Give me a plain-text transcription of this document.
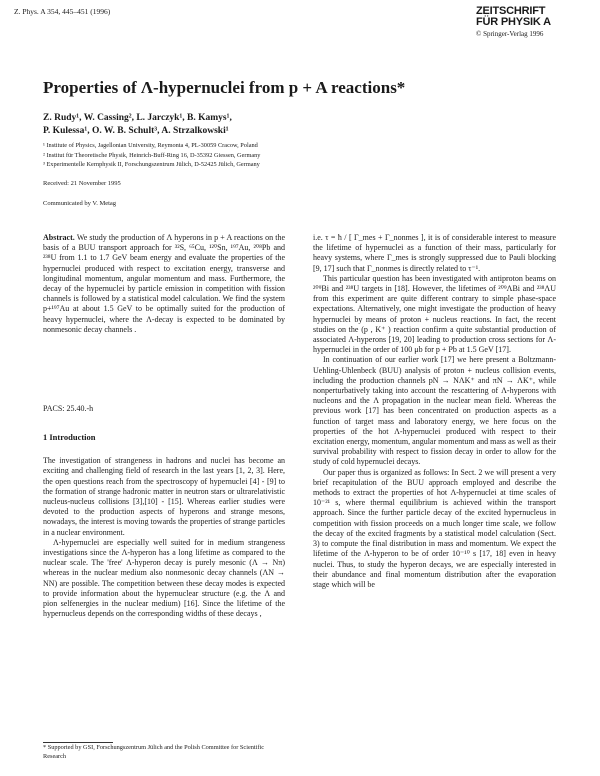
Z. Phys. A 354, 445–451 (1996)	ZEITSCHRIFT
FÜR PHYSIK A
© Springer-Verlag 1996
Properties of Λ-hypernuclei from p + A reactions*
Z. Rudy¹, W. Cassing², L. Jarczyk¹, B. Kamys¹,
P. Kulessa¹, O. W. B. Schult³, A. Strzalkowski¹
¹ Institute of Physics, Jagellonian University, Reymonta 4, PL-30059 Cracow, Poland
² Institut für Theoretische Physik, Heinrich-Buff-Ring 16, D-35392 Giessen, Germany
³ Experimentelle Kernphysik II, Forschungszentrum Jülich, D-52425 Jülich, Germany
Received: 21 November 1995
Communicated by V. Metag

Abstract. We study the production of Λ hyperons in p + A reactions on the basis of a BUU transport approach for ³²S, ⁶⁵Cu, ¹²⁰Sn, ¹⁹⁷Au, ²⁰⁸Pb and ²³⁸U from 1.1 to 1.7 GeV beam energy and evaluate the properties of the hypernuclei produced with respect to excitation energy, transverse and longitudinal momentum, angular momentum and mass. Furthermore, the decay of the hypernuclei by particle emission in competition with fission channels is followed by a statistical model calculation. We find the system p+¹⁹⁷Au at about 1.5 GeV to be optimally suited for the production of heavy hypernuclei, where the Λ-decay is expected to be dominated by nonmesonic decay channels .

PACS: 25.40.-h
1 Introduction

The investigation of strangeness in hadrons and nuclei has become an exciting and challenging field of research in the last years [1, 2, 3]. Here, the open questions reach from the spectroscopy of hypernuclei [4] - [9] to the formation of strange hadronic matter in neutron stars or ultrarelativistic nucleus-nucleus collisions [3],[10] - [15]. Whereas earlier studies were devoted to the production aspects of hyperons and strange mesons, nowadays, the interest is moving towards the properties of strange particles in a nuclear environment.

Λ-hypernuclei are especially well suited for in medium strangeness investigations since the Λ-hyperon has a long lifetime as compared to the nuclear scale. The 'free' Λ-hyperon decay is purely mesonic (Λ → Nπ) whereas in the nuclear medium also nonmesonic decay channels (ΛN → NN) are possible. The competition between these decay modes is expected to provide information about the hypernuclear structure (e.g. the Λ and pion selfenergies in the nuclear medium) [16]. Since the lifetime of the hypernucleus depends on the corresponding widths of these decays ,

* Supported by GSI, Forschungszentrum Jülich and the Polish Committee for Scientific Research

i.e. τ = ħ / [ Γ_mes + Γ_nonmes ], it is of considerable interest to measure the lifetime of hypernuclei as a function of their mass, particularly for heavy systems, where Γ_mes is strongly suppressed due to Pauli blocking [9, 17] such that Γ_nonmes is directly related to τ⁻¹.

This particular question has been investigated with antiproton beams on ²⁰⁹Bi and ²³⁸U targets in [18]. However, the lifetimes of ²⁰⁹ΛBi and ²³⁸ΛU from this experiment are quite different contrary to simple phase-space expectations. Alternatively, one might investigate the production of heavy hypernuclei by means of proton + nucleus reactions. In fact, the recent studies on the (p , K⁺ ) reaction confirm a quite substantial production of associated Λ-hyperons [19, 20] leading to production cross sections for Λ-hypernuclei in the order of 100 μb for p + Pb at 1.5 GeV [17].

In continuation of our earlier work [17] we here present a Boltzmann-Uehling-Uhlenbeck (BUU) analysis of proton + nucleus collision events, including the production channels pN → NΛK⁺ and πN → ΛK⁺, while nonperturbatively taking into account the rescattering of Λ-hyperons with nucleons and the Λ propagation in the nuclear mean field. Whereas the previous work [17] has been concentrated on production aspects as a function of target mass and laboratory energy, we here focus on the properties of the hot Λ-hypernuclei produced with respect to their excitation energy, momentum, angular momentum and mass as well as their survival probability with respect to fission decay in order to allow for the study of cold hypernuclei decays.

Our paper thus is organized as follows: In Sect. 2 we will present a very brief recapitulation of the BUU approach employed and describe the methods to extract the properties of hot Λ-hypernuclei at time scales of 10⁻²¹ s, where thermal equilibrium is achieved within the transport approach. Since the further particle decay of the excited hypernucleus in competition with fission proceeds on a much longer time scale, we follow the decay of the excited fragments by a statistical model calculation (Sect. 3) to compute the final distribution in mass and momentum. We expect the lifetime of the Λ-hyperon to be of order 10⁻¹⁰ s [17, 18] even in heavy nuclei. Thus, to study the hyperon decays, we are especially interested in their abundance and final momentum distribution after the evaporation stage which will be
